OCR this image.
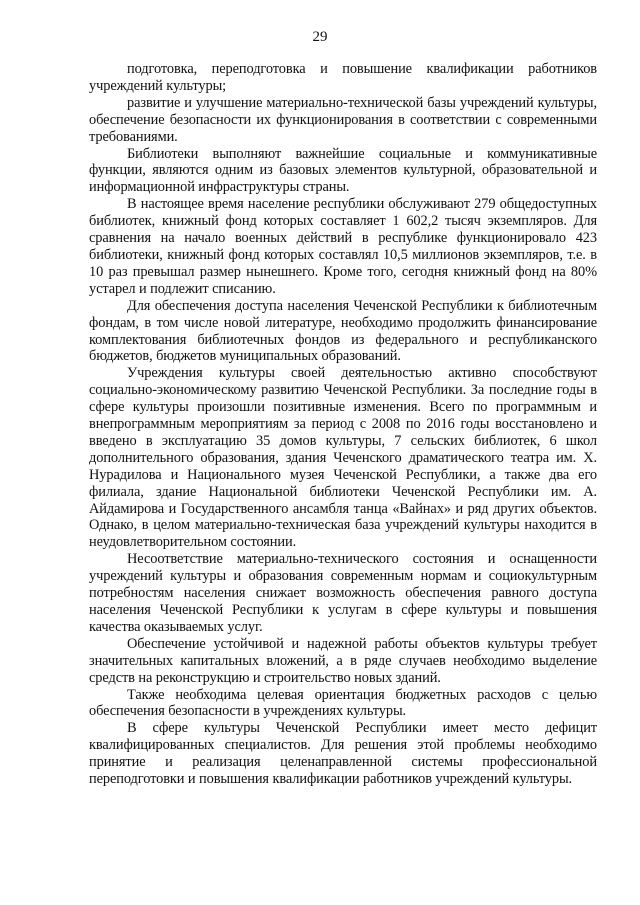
29

подготовка, переподготовка и повышение квалификации работников учреждений культуры;

развитие и улучшение материально-технической базы учреждений культуры, обеспечение безопасности их функционирования в соответствии с современными требованиями.

Библиотеки выполняют важнейшие социальные и коммуникативные функции, являются одним из базовых элементов культурной, образовательной и информационной инфраструктуры страны.

В настоящее время население республики обслуживают 279 общедоступных библиотек, книжный фонд которых составляет 1 602,2 тысяч экземпляров. Для сравнения на начало военных действий в республике функционировало 423 библиотеки, книжный фонд которых составлял 10,5 миллионов экземпляров, т.е. в 10 раз превышал размер нынешнего. Кроме того, сегодня книжный фонд на 80% устарел и подлежит списанию.

Для обеспечения доступа населения Чеченской Республики к библиотечным фондам, в том числе новой литературе, необходимо продолжить финансирование комплектования библиотечных фондов из федерального и республиканского бюджетов, бюджетов муниципальных образований.

Учреждения культуры своей деятельностью активно способствуют социально-экономическому развитию Чеченской Республики. За последние годы в сфере культуры произошли позитивные изменения. Всего по программным и внепрограммным мероприятиям за период с 2008 по 2016 годы восстановлено и введено в эксплуатацию 35 домов культуры, 7 сельских библиотек, 6 школ дополнительного образования, здания Чеченского драматического театра им. Х. Нурадилова и Национального музея Чеченской Республики, а также два его филиала, здание Национальной библиотеки Чеченской Республики им. А. Айдамирова и Государственного ансамбля танца «Вайнах» и ряд других объектов. Однако, в целом материально-техническая база учреждений культуры находится в неудовлетворительном состоянии.

Несоответствие материально-технического состояния и оснащенности учреждений культуры и образования современным нормам и социокультурным потребностям населения снижает возможность обеспечения равного доступа населения Чеченской Республики к услугам в сфере культуры и повышения качества оказываемых услуг.

Обеспечение устойчивой и надежной работы объектов культуры требует значительных капитальных вложений, а в ряде случаев необходимо выделение средств на реконструкцию и строительство новых зданий.

Также необходима целевая ориентация бюджетных расходов с целью обеспечения безопасности в учреждениях культуры.

В сфере культуры Чеченской Республики имеет место дефицит квалифицированных специалистов. Для решения этой проблемы необходимо принятие и реализация целенаправленной системы профессиональной переподготовки и повышения квалификации работников учреждений культуры.
